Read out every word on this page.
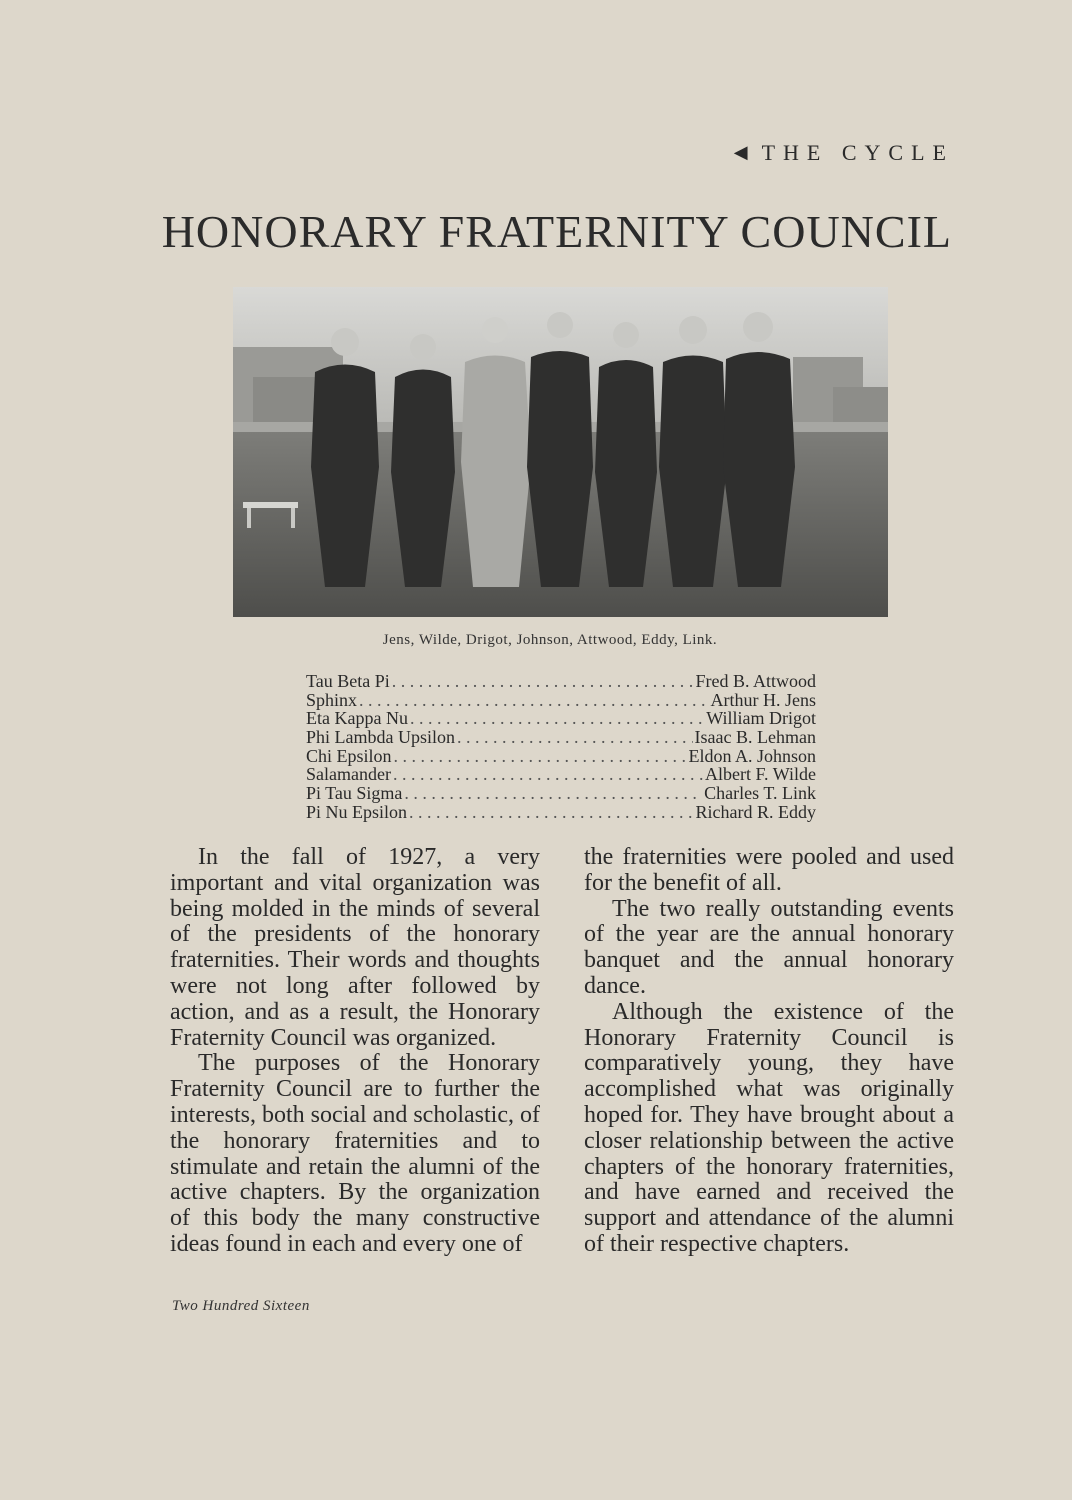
◀ THE CYCLE
HONORARY FRATERNITY COUNCIL
Jens, Wilde, Drigot, Johnson, Attwood, Eddy, Link.
Tau Beta Pi . . .	Fred B. Attwood
Sphinx . . .	Arthur H. Jens
Eta Kappa Nu . . .	William Drigot
Phi Lambda Upsilon . . .	Isaac B. Lehman
Chi Epsilon . . .	Eldon A. Johnson
Salamander . . .	Albert F. Wilde
Pi Tau Sigma . . .	Charles T. Link
Pi Nu Epsilon . . .	Richard R. Eddy

In the fall of 1927, a very important and vital organization was being molded in the minds of several of the presidents of the honorary fraternities. Their words and thoughts were not long after followed by action, and as a result, the Honorary Fraternity Council was organized.

The purposes of the Honorary Fraternity Council are to further the interests, both social and scholastic, of the honorary fraternities and to stimulate and retain the alumni of the active chapters. By the organization of this body the many constructive ideas found in each and every one of

the fraternities were pooled and used for the benefit of all.

The two really outstanding events of the year are the annual honorary banquet and the annual honorary dance.

Although the existence of the Honorary Fraternity Council is comparatively young, they have accomplished what was originally hoped for. They have brought about a closer relationship between the active chapters of the honorary fraternities, and have earned and received the support and attendance of the alumni of their respective chapters.

Two Hundred Sixteen
